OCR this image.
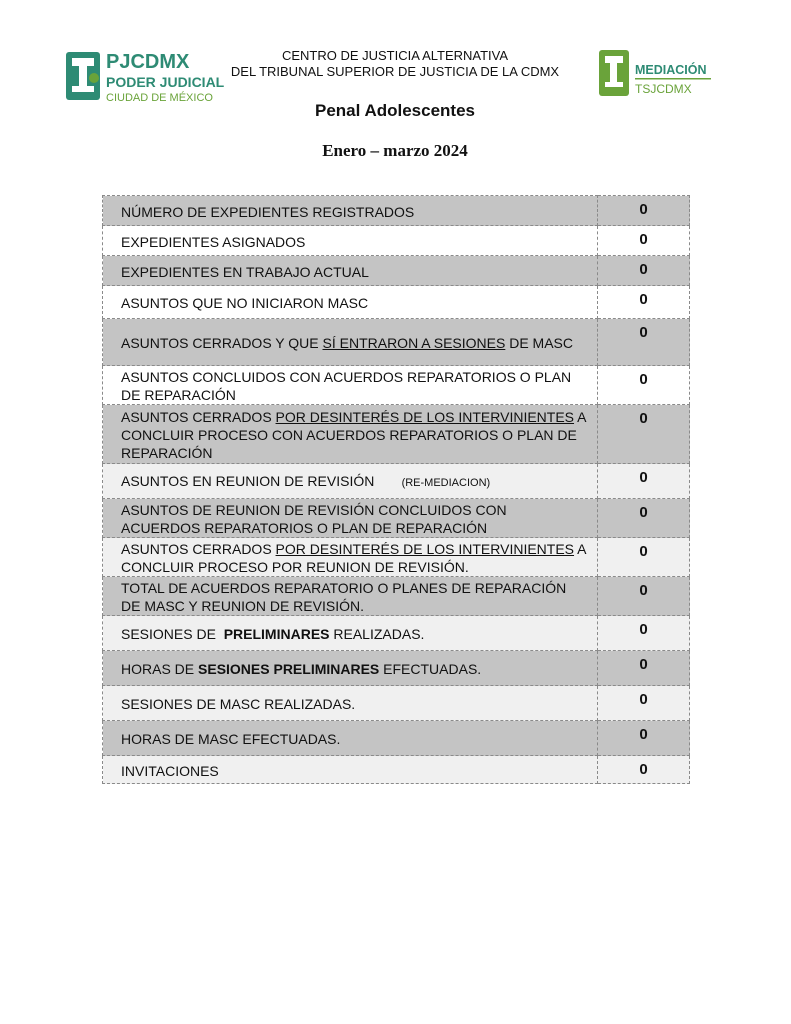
PJCDMX
PODER JUDICIAL
CIUDAD DE MÉXICO
MEDIACIÓN
TSJCDMX
CENTRO DE JUSTICIA ALTERNATIVA
DEL TRIBUNAL SUPERIOR DE JUSTICIA DE LA CDMX
Penal Adolescentes
Enero – marzo 2024
NÚMERO DE EXPEDIENTES REGISTRADOS	0
EXPEDIENTES ASIGNADOS	0
EXPEDIENTES EN TRABAJO ACTUAL	0
ASUNTOS QUE NO INICIARON MASC	0
ASUNTOS CERRADOS Y QUE SÍ ENTRARON A SESIONES DE MASC	0
ASUNTOS CONCLUIDOS CON ACUERDOS REPARATORIOS O PLAN DE REPARACIÓN	0
ASUNTOS CERRADOS POR DESINTERÉS DE LOS INTERVINIENTES A CONCLUIR PROCESO CON ACUERDOS REPARATORIOS O PLAN DE REPARACIÓN	0
ASUNTOS EN REUNION DE REVISIÓN (RE-MEDIACION)	0
ASUNTOS DE REUNION DE REVISIÓN CONCLUIDOS CON ACUERDOS REPARATORIOS O PLAN DE REPARACIÓN	0
ASUNTOS CERRADOS POR DESINTERÉS DE LOS INTERVINIENTES A CONCLUIR PROCESO POR REUNION DE REVISIÓN.	0
TOTAL DE ACUERDOS REPARATORIO O PLANES DE REPARACIÓN DE MASC Y REUNION DE REVISIÓN.	0
SESIONES DE  PRELIMINARES REALIZADAS.	0
HORAS DE SESIONES PRELIMINARES EFECTUADAS.	0
SESIONES DE MASC REALIZADAS.	0
HORAS DE MASC EFECTUADAS.	0
INVITACIONES	0
